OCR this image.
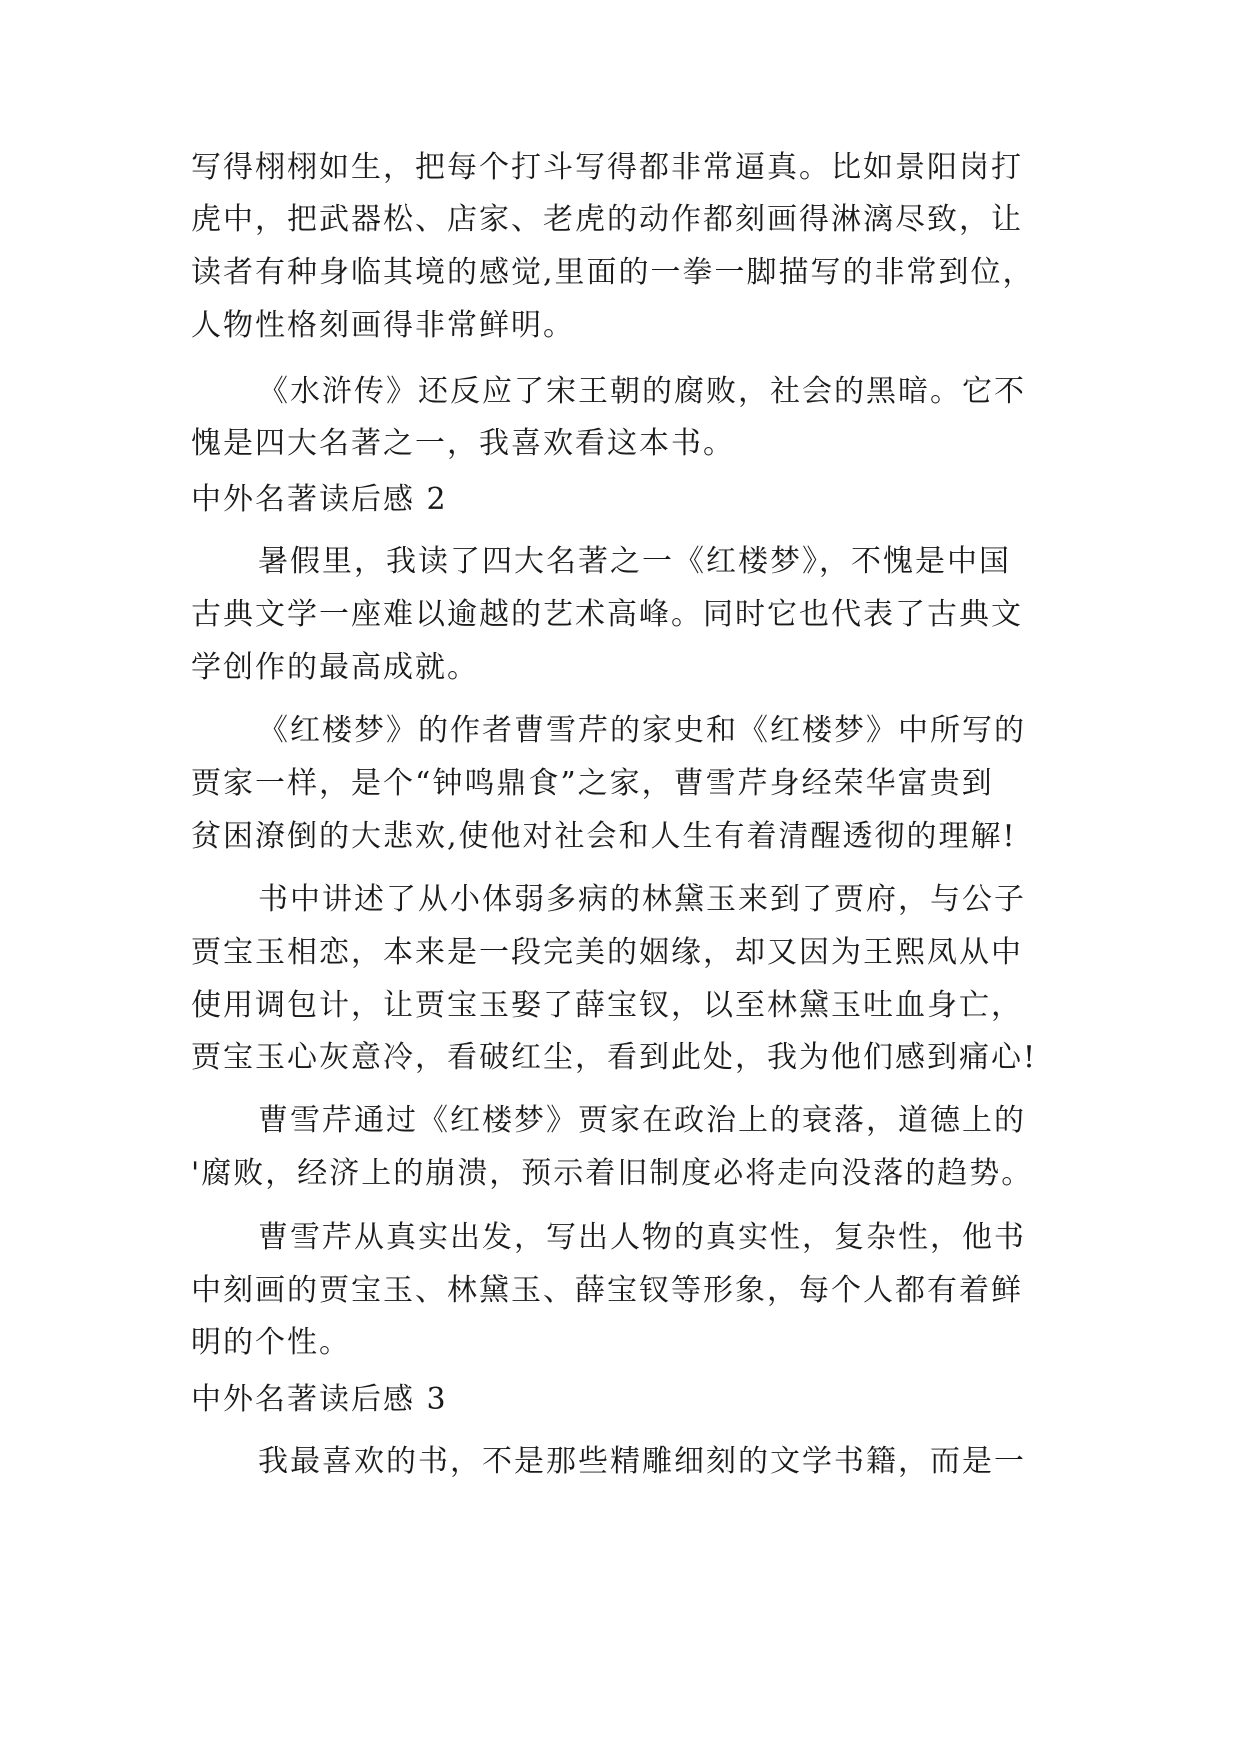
写得栩栩如生，把每个打斗写得都非常逼真。比如景阳岗打
虎中，把武器松、店家、老虎的动作都刻画得淋漓尽致，让
读者有种身临其境的感觉,里面的一拳一脚描写的非常到位，
人物性格刻画得非常鲜明。
《水浒传》还反应了宋王朝的腐败，社会的黑暗。它不
愧是四大名著之一，我喜欢看这本书。
中外名著读后感 2
暑假里，我读了四大名著之一《红楼梦》，不愧是中国
古典文学一座难以逾越的艺术高峰。同时它也代表了古典文
学创作的最高成就。
《红楼梦》的作者曹雪芹的家史和《红楼梦》中所写的
贾家一样，是个“钟鸣鼎食”之家，曹雪芹身经荣华富贵到
贫困潦倒的大悲欢,使他对社会和人生有着清醒透彻的理解!
书中讲述了从小体弱多病的林黛玉来到了贾府，与公子
贾宝玉相恋，本来是一段完美的姻缘，却又因为王熙凤从中
使用调包计，让贾宝玉娶了薛宝钗，以至林黛玉吐血身亡，
贾宝玉心灰意冷，看破红尘，看到此处，我为他们感到痛心!
曹雪芹通过《红楼梦》贾家在政治上的衰落，道德上的
'腐败，经济上的崩溃，预示着旧制度必将走向没落的趋势。
曹雪芹从真实出发，写出人物的真实性，复杂性，他书
中刻画的贾宝玉、林黛玉、薛宝钗等形象，每个人都有着鲜
明的个性。
中外名著读后感 3
我最喜欢的书，不是那些精雕细刻的文学书籍，而是一
